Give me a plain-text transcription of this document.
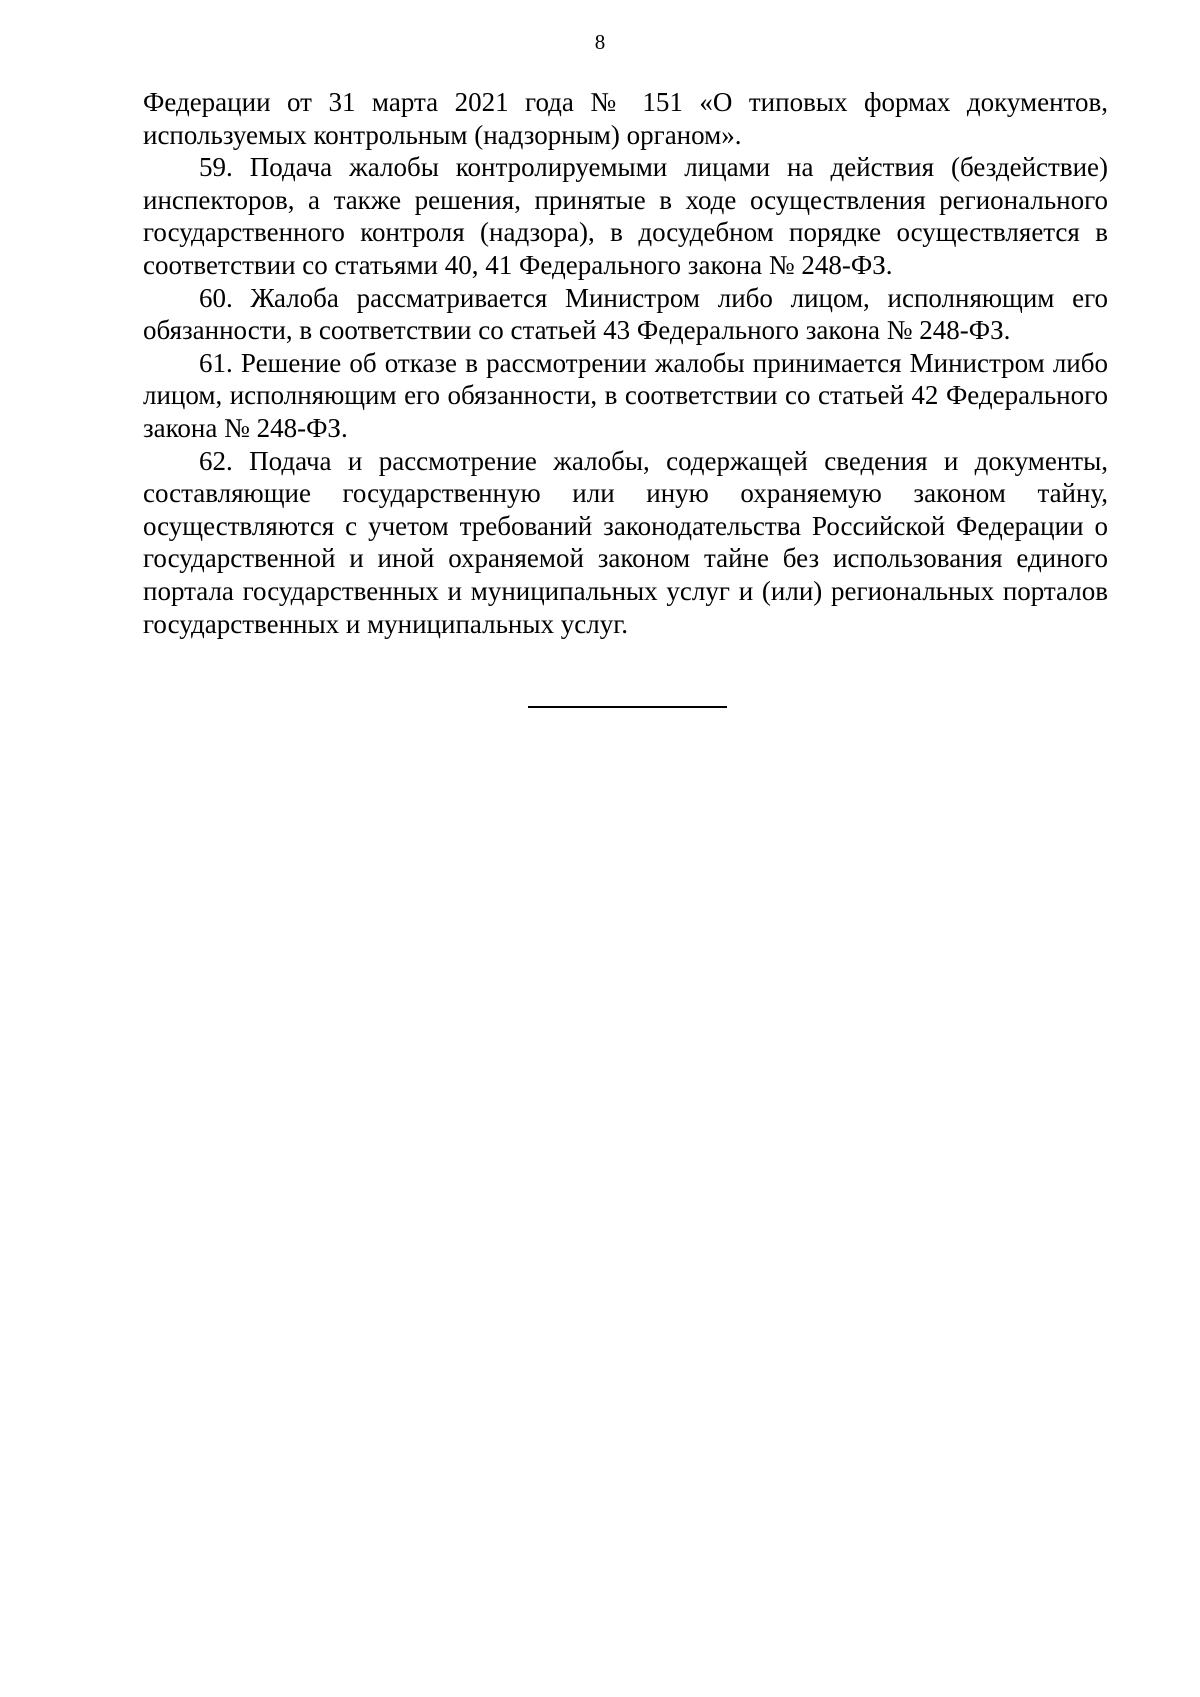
8

Федерации от 31 марта 2021 года № 151 «О типовых формах документов, используемых контрольным (надзорным) органом».

59. Подача жалобы контролируемыми лицами на действия (бездействие) инспекторов, а также решения, принятые в ходе осуществления регионального государственного контроля (надзора), в досудебном порядке осуществляется в соответствии со статьями 40, 41 Федерального закона № 248-ФЗ.

60. Жалоба рассматривается Министром либо лицом, исполняющим его обязанности, в соответствии со статьей 43 Федерального закона № 248-ФЗ.

61. Решение об отказе в рассмотрении жалобы принимается Министром либо лицом, исполняющим его обязанности, в соответствии со статьей 42 Федерального закона № 248-ФЗ.

62. Подача и рассмотрение жалобы, содержащей сведения и документы, составляющие государственную или иную охраняемую законом тайну, осуществляются с учетом требований законодательства Российской Федерации о государственной и иной охраняемой законом тайне без использования единого портала государственных и муниципальных услуг и (или) региональных порталов государственных и муниципальных услуг.
